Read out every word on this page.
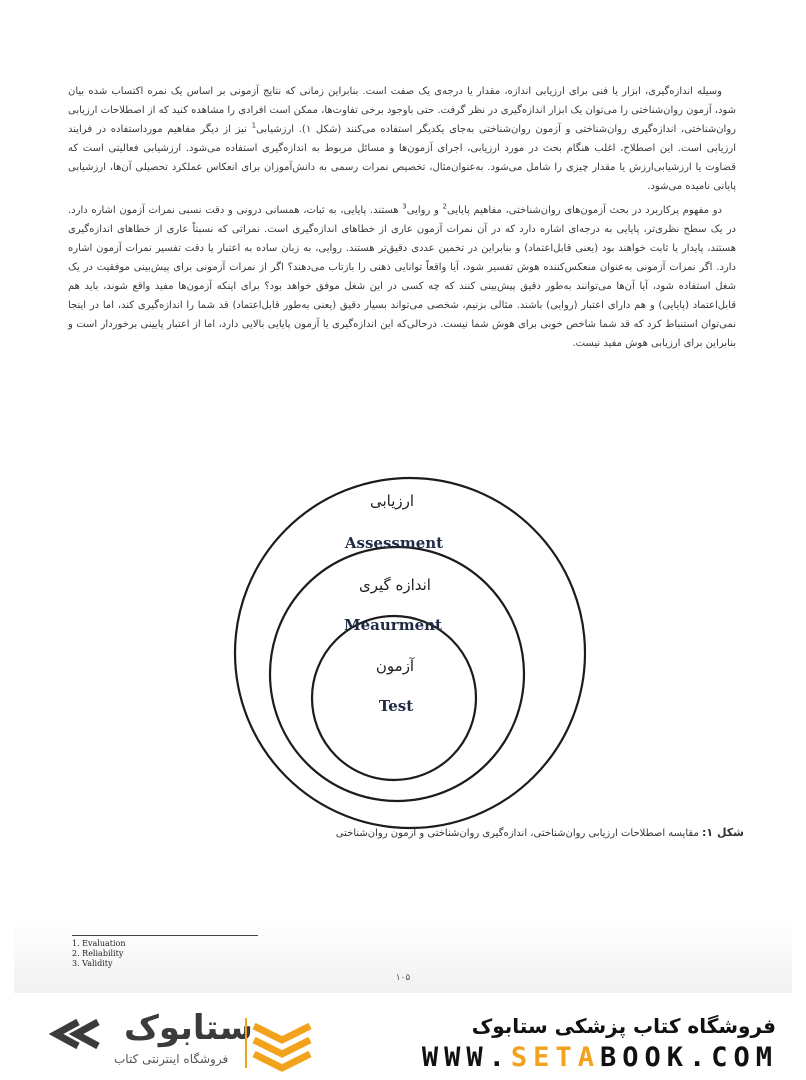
وسیله اندازه‌گیری، ابزار یا فنی برای ارزیابی اندازه، مقدار یا درجه‌ی یک صفت است. بنابراین زمانی که نتایج آزمونی بر اساس یک نمره اکتساب شده بیان شود، آزمون روان‌شناختی را می‌توان یک ابزار اندازه‌گیری در نظر گرفت. حتی باوجود برخی تفاوت‌ها، ممکن است افرادی را مشاهده کنید که از اصطلاحات ارزیابی روان‌شناختی، اندازه‌گیری روان‌شناختی و آزمون روان‌شناختی به‌جای یکدیگر استفاده می‌کنند (شکل ۱). ارزشیابی$^1$ نیز از دیگر مفاهیم مورداستفاده در فرایند ارزیابی است. این اصطلاح، اغلب هنگام بحث در مورد ارزیابی، اجرای آزمون‌ها و مسائل مربوط به اندازه‌گیری استفاده می‌شود. ارزشیابی فعالیتی است که قضاوت یا ارزشیابی‌ارزش یا مقدار چیزی را شامل می‌شود. به‌عنوان‌مثال، تخصیص نمرات رسمی به دانش‌آموزان برای انعکاس عملکرد تحصیلی آن‌ها، ارزشیابی پایانی نامیده می‌شود.

دو مفهوم پرکاربرد در بحث آزمون‌های روان‌شناختی، مفاهیم پایایی$^2$ و روایی$^3$ هستند. پایایی، به ثبات، همسانی درونی و دقت نسبی نمرات آزمون اشاره دارد. در یک سطح نظری‌تر، پایایی به درجه‌ای اشاره دارد که در آن نمرات آزمون عاری از خطاهای اندازه‌گیری است. نمراتی که نسبتاً عاری از خطاهای اندازه‌گیری هستند، پایدار یا ثابت خواهند بود (یعنی قابل‌اعتماد) و بنابراین در تخمین عددی دقیق‌تر هستند. روایی، به زبان ساده به اعتبار یا دقت تفسیر نمرات آزمون اشاره دارد. اگر نمرات آزمونی به‌عنوان منعکس‌کننده هوش تفسیر شود، آیا واقعاً توانایی ذهنی را بازتاب می‌دهند؟ اگر از نمرات آزمونی برای پیش‌بینی موفقیت در یک شغل استفاده شود، آیا آن‌ها می‌توانند به‌طور دقیق پیش‌بینی کنند که چه کسی در این شغل موفق خواهد بود؟ برای اینکه آزمون‌ها مفید واقع شوند، باید هم قابل‌اعتماد (پایایی) و هم دارای اعتبار (روایی) باشند. مثالی بزنیم، شخصی می‌تواند بسیار دقیق (یعنی به‌طور قابل‌اعتماد) قد شما را اندازه‌گیری کند، اما در اینجا نمی‌توان استنباط کرد که قد شما شاخص خوبی برای هوش شما نیست. درحالی‌که این اندازه‌گیری یا آزمون پایایی بالایی دارد، اما از اعتبار پایینی برخوردار است و بنابراین برای ارزیابی هوش مفید نیست.

ارزیابی
Assessment
اندازه گیری
Meaurment
آزمون
Test
شکل ۱: مقایسه اصطلاحات ارزیابی روان‌شناختی، اندازه‌گیری روان‌شناختی و آزمون روان‌شناختی
1. Evaluation
2. Reliability
3. Validity
۱۰۵
ستابوک
فروشگاه اینترنتی کتاب
فروشگاه کتاب پزشکی ستابوک
WWW.SETABOOK.COM
